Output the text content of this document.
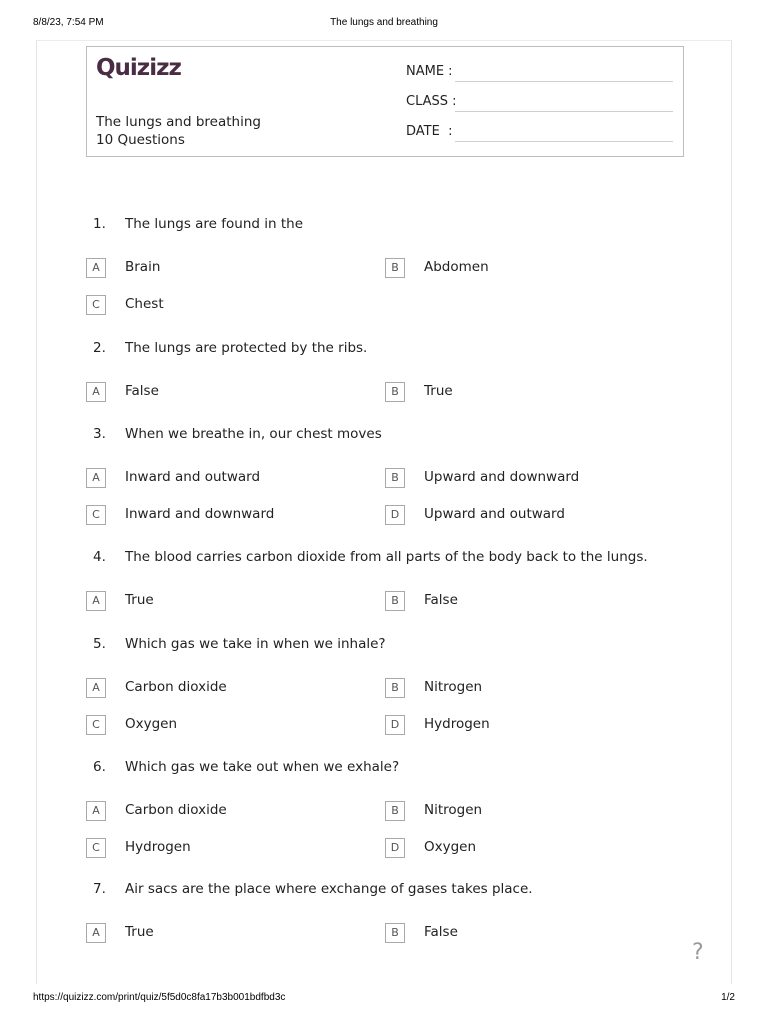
8/8/23, 7:54 PM	The lungs and breathing
Quizizz
The lungs and breathing
10 Questions
NAME :
CLASS :
DATE  :
1. The lungs are found in the
A	Brain	B	Abdomen
C	Chest
2. The lungs are protected by the ribs.
A	False	B	True
3. When we breathe in, our chest moves
A	Inward and outward	B	Upward and downward
C	Inward and downward	D	Upward and outward
4. The blood carries carbon dioxide from all parts of the body back to the lungs.
A	True	B	False
5. Which gas we take in when we inhale?
A	Carbon dioxide	B	Nitrogen
C	Oxygen	D	Hydrogen
6. Which gas we take out when we exhale?
A	Carbon dioxide	B	Nitrogen
C	Hydrogen	D	Oxygen
7. Air sacs are the place where exchange of gases takes place.
A	True	B	False
?
https://quizizz.com/print/quiz/5f5d0c8fa17b3b001bdfbd3c	1/2
